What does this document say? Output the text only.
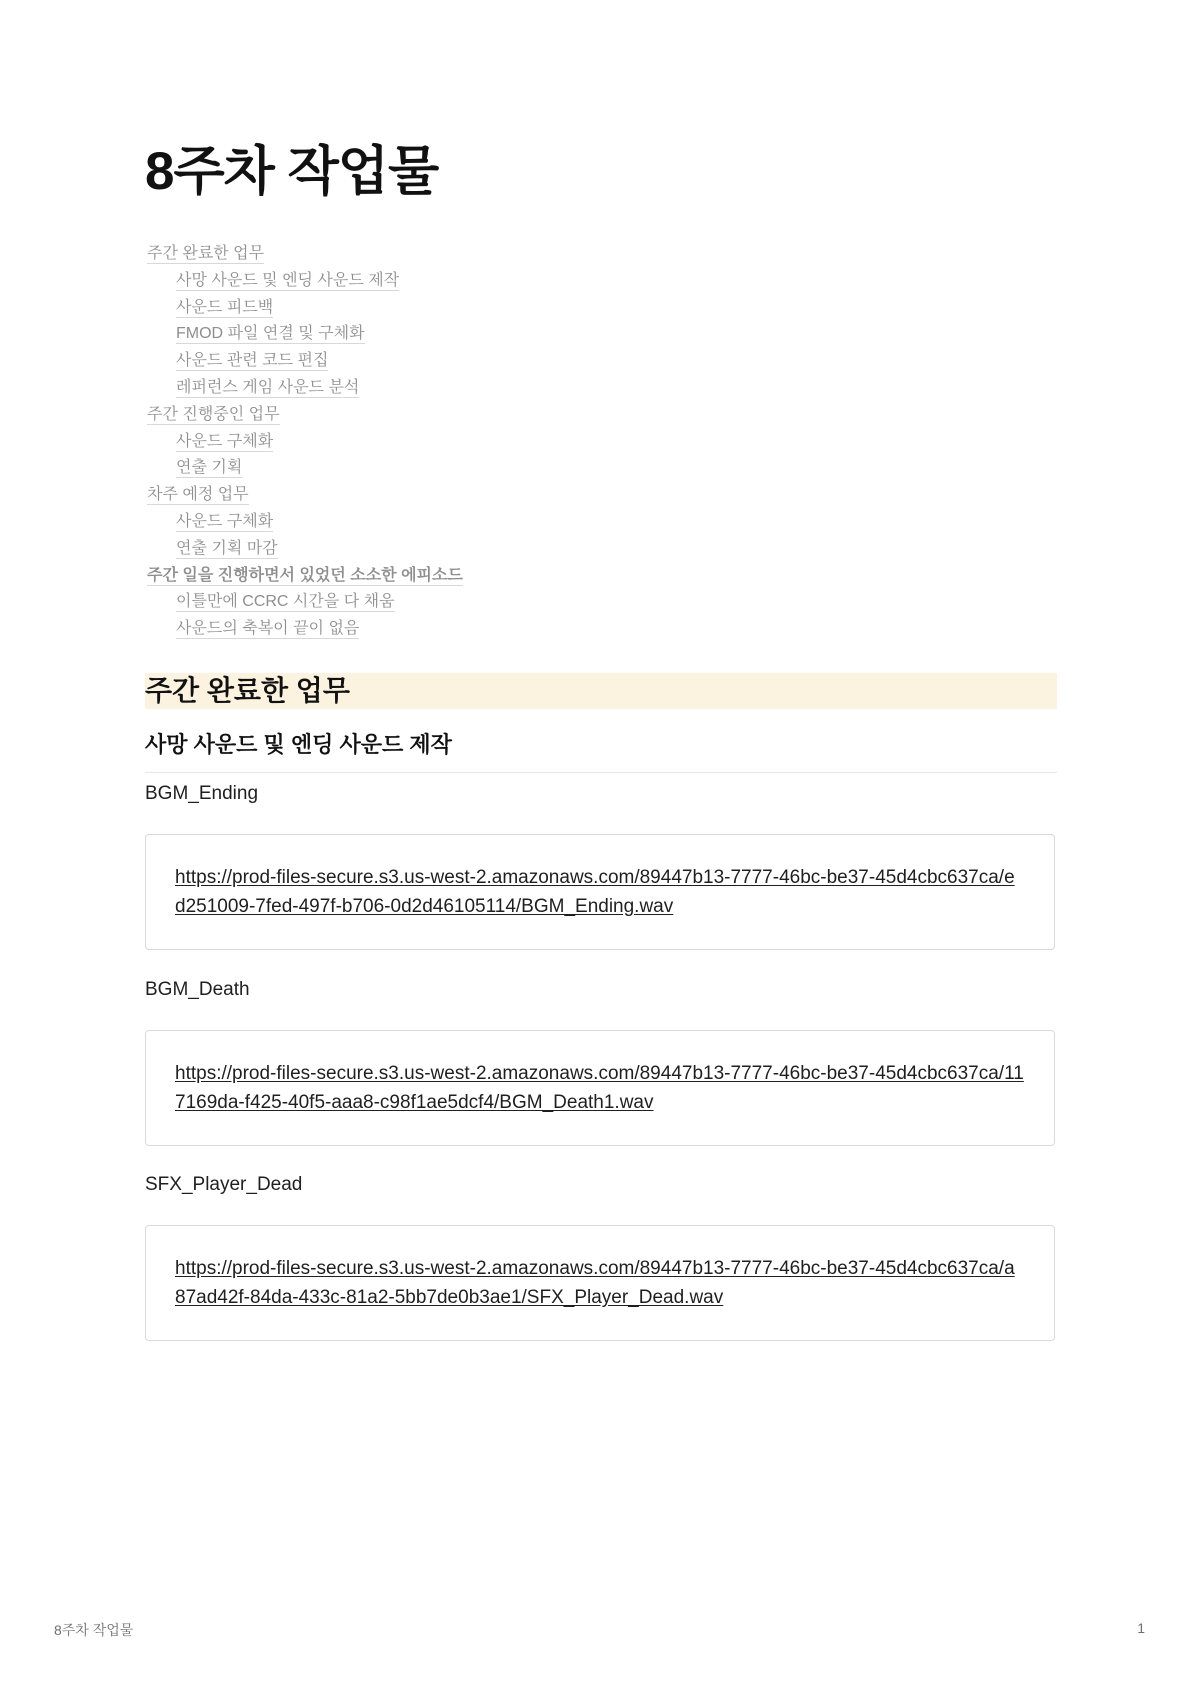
8주차 작업물
주간 완료한 업무
사망 사운드 및 엔딩 사운드 제작
사운드 피드백
FMOD 파일 연결 및 구체화
사운드 관련 코드 편집
레퍼런스 게임 사운드 분석
주간 진행중인 업무
사운드 구체화
연출 기획
차주 예정 업무
사운드 구체화
연출 기획 마감
주간 일을 진행하면서 있었던 소소한 에피소드
이틀만에 CCRC 시간을 다 채움
사운드의 축복이 끝이 없음
주간 완료한 업무
사망 사운드 및 엔딩 사운드 제작
BGM_Ending
https://prod-files-secure.s3.us-west-2.amazonaws.com/89447b13-7777-46bc-be37-45d4cbc637ca/ed251009-7fed-497f-b706-0d2d46105114/BGM_Ending.wav
BGM_Death
https://prod-files-secure.s3.us-west-2.amazonaws.com/89447b13-7777-46bc-be37-45d4cbc637ca/117169da-f425-40f5-aaa8-c98f1ae5dcf4/BGM_Death1.wav
SFX_Player_Dead
https://prod-files-secure.s3.us-west-2.amazonaws.com/89447b13-7777-46bc-be37-45d4cbc637ca/a87ad42f-84da-433c-81a2-5bb7de0b3ae1/SFX_Player_Dead.wav
8주차 작업물	1
